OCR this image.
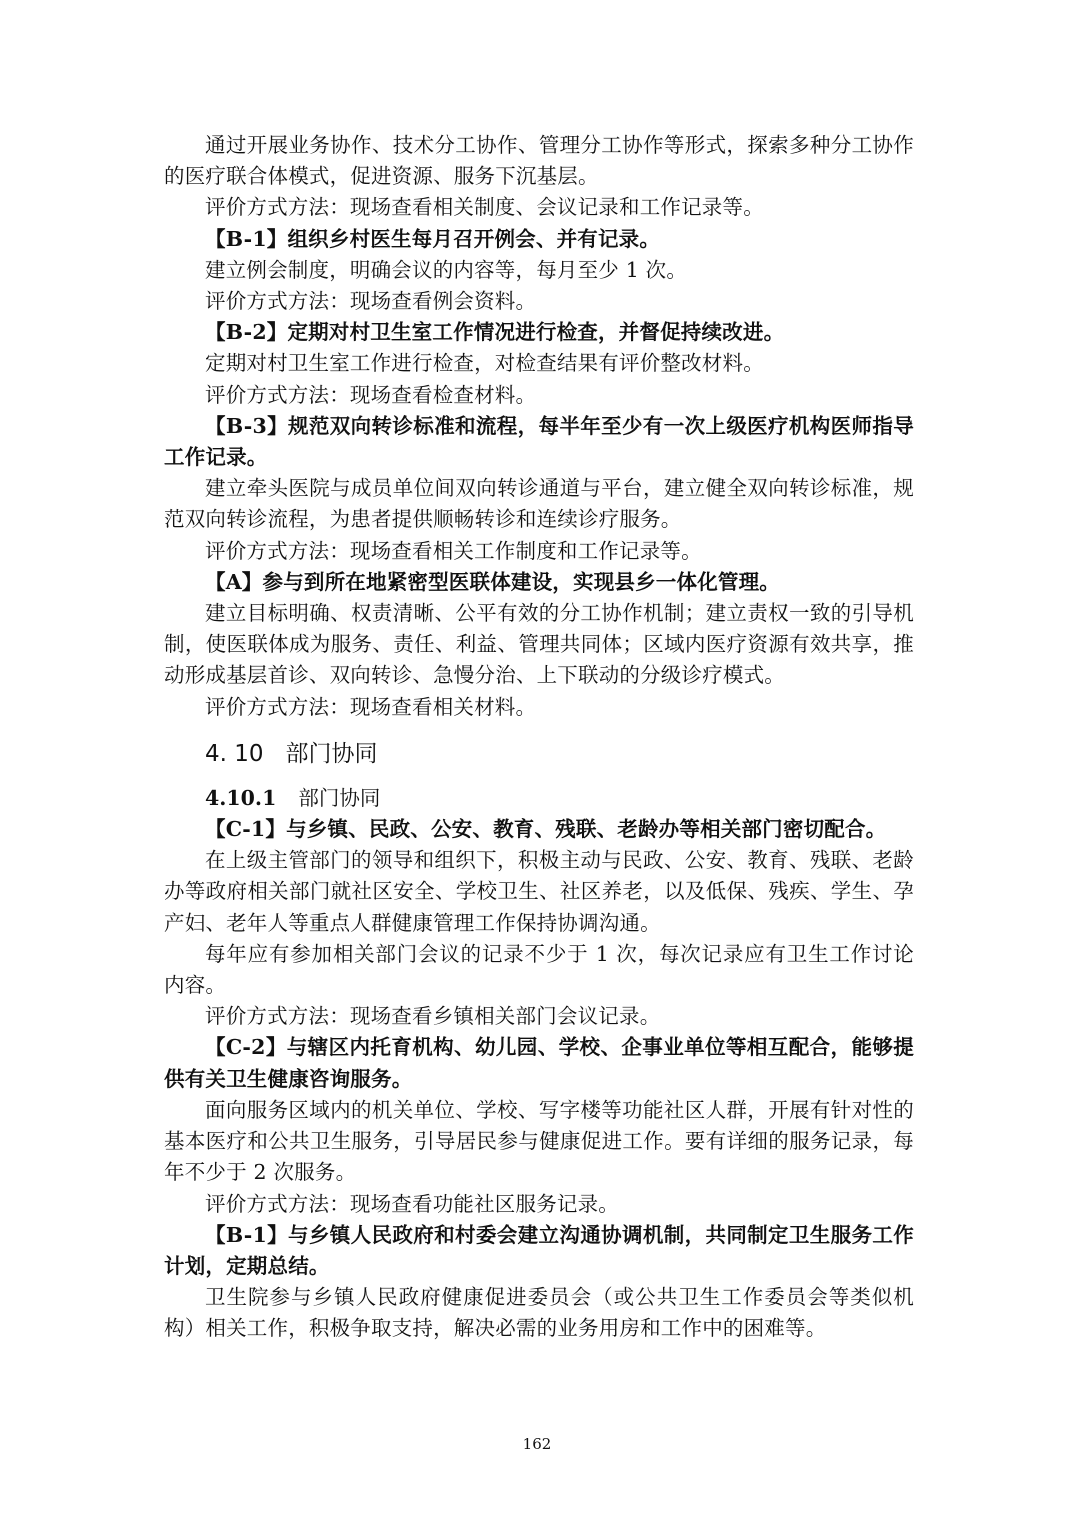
通过开展业务协作、技术分工协作、管理分工协作等形式，探索多种分工协作的医疗联合体模式，促进资源、服务下沉基层。

评价方式方法：现场查看相关制度、会议记录和工作记录等。

【B-1】组织乡村医生每月召开例会、并有记录。

建立例会制度，明确会议的内容等，每月至少 1 次。

评价方式方法：现场查看例会资料。

【B-2】定期对村卫生室工作情况进行检查，并督促持续改进。

定期对村卫生室工作进行检查，对检查结果有评价整改材料。

评价方式方法：现场查看检查材料。

【B-3】规范双向转诊标准和流程，每半年至少有一次上级医疗机构医师指导工作记录。

建立牵头医院与成员单位间双向转诊通道与平台，建立健全双向转诊标准，规范双向转诊流程，为患者提供顺畅转诊和连续诊疗服务。

评价方式方法：现场查看相关工作制度和工作记录等。

【A】参与到所在地紧密型医联体建设，实现县乡一体化管理。

建立目标明确、权责清晰、公平有效的分工协作机制；建立责权一致的引导机制，使医联体成为服务、责任、利益、管理共同体；区域内医疗资源有效共享，推动形成基层首诊、双向转诊、急慢分治、上下联动的分级诊疗模式。

评价方式方法：现场查看相关材料。

4. 10 部门协同
4.10.1 部门协同

【C-1】与乡镇、民政、公安、教育、残联、老龄办等相关部门密切配合。

在上级主管部门的领导和组织下，积极主动与民政、公安、教育、残联、老龄办等政府相关部门就社区安全、学校卫生、社区养老，以及低保、残疾、学生、孕产妇、老年人等重点人群健康管理工作保持协调沟通。

每年应有参加相关部门会议的记录不少于 1 次，每次记录应有卫生工作讨论内容。

评价方式方法：现场查看乡镇相关部门会议记录。

【C-2】与辖区内托育机构、幼儿园、学校、企事业单位等相互配合，能够提供有关卫生健康咨询服务。

面向服务区域内的机关单位、学校、写字楼等功能社区人群，开展有针对性的基本医疗和公共卫生服务，引导居民参与健康促进工作。要有详细的服务记录，每年不少于 2 次服务。

评价方式方法：现场查看功能社区服务记录。

【B-1】与乡镇人民政府和村委会建立沟通协调机制，共同制定卫生服务工作计划，定期总结。

卫生院参与乡镇人民政府健康促进委员会（或公共卫生工作委员会等类似机构）相关工作，积极争取支持，解决必需的业务用房和工作中的困难等。

162
